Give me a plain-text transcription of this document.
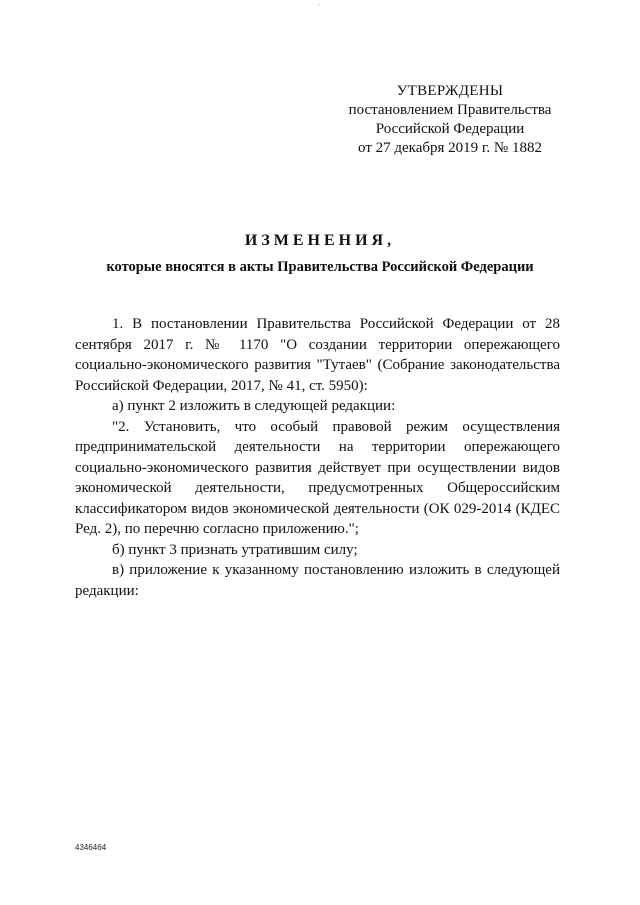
-
УТВЕРЖДЕНЫ
постановлением Правительства
Российской Федерации
от 27 декабря 2019 г. № 1882
ИЗМЕНЕНИЯ,
которые вносятся в акты Правительства Российской Федерации

1. В постановлении Правительства Российской Федерации от 28 сентября 2017 г. № 1170 "О создании территории опережающего социально-экономического развития "Тутаев" (Собрание законодательства Российской Федерации, 2017, № 41, ст. 5950):

а) пункт 2 изложить в следующей редакции:

"2. Установить, что особый правовой режим осуществления предпринимательской деятельности на территории опережающего социально-экономического развития действует при осуществлении видов экономической деятельности, предусмотренных Общероссийским классификатором видов экономической деятельности (ОК 029-2014 (КДЕС Ред. 2), по перечню согласно приложению.";

б) пункт 3 признать утратившим силу;

в) приложение к указанному постановлению изложить в следующей редакции:

4346464
